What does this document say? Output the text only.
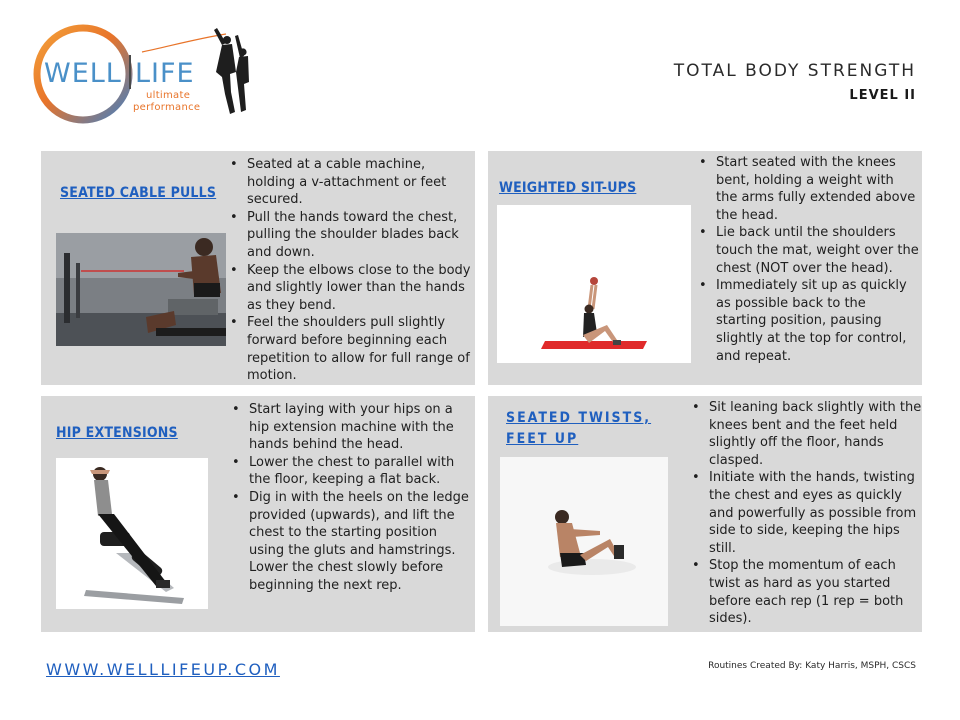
WELL LIFE
ultimate
performance
TOTAL BODY STRENGTH
LEVEL II
SEATED CABLE PULLS
• Seated at a cable machine, holding a v-attachment or feet secured.
• Pull the hands toward the chest, pulling the shoulder blades back and down.
• Keep the elbows close to the body and slightly lower than the hands as they bend.
• Feel the shoulders pull slightly forward before beginning each repetition to allow for full range of motion.
WEIGHTED SIT-UPS
• Start seated with the knees bent, holding a weight with the arms fully extended above the head.
• Lie back until the shoulders touch the mat, weight over the chest (NOT over the head).
• Immediately sit up as quickly as possible back to the starting position, pausing slightly at the top for control, and repeat.
HIP EXTENSIONS
• Start laying with your hips on a hip extension machine with the hands behind the head.
• Lower the chest to parallel with the floor, keeping a flat back.
• Dig in with the heels on the ledge provided (upwards), and lift the chest to the starting position using the gluts and hamstrings. Lower the chest slowly before beginning the next rep.
SEATED TWISTS, FEET UP
• Sit leaning back slightly with the knees bent and the feet held slightly off the floor, hands clasped.
• Initiate with the hands, twisting the chest and eyes as quickly and powerfully as possible from side to side, keeping the hips still.
• Stop the momentum of each twist as hard as you started before each rep (1 rep = both sides).
WWW.WELLLIFEUP.COM	Routines Created By: Katy Harris, MSPH, CSCS
